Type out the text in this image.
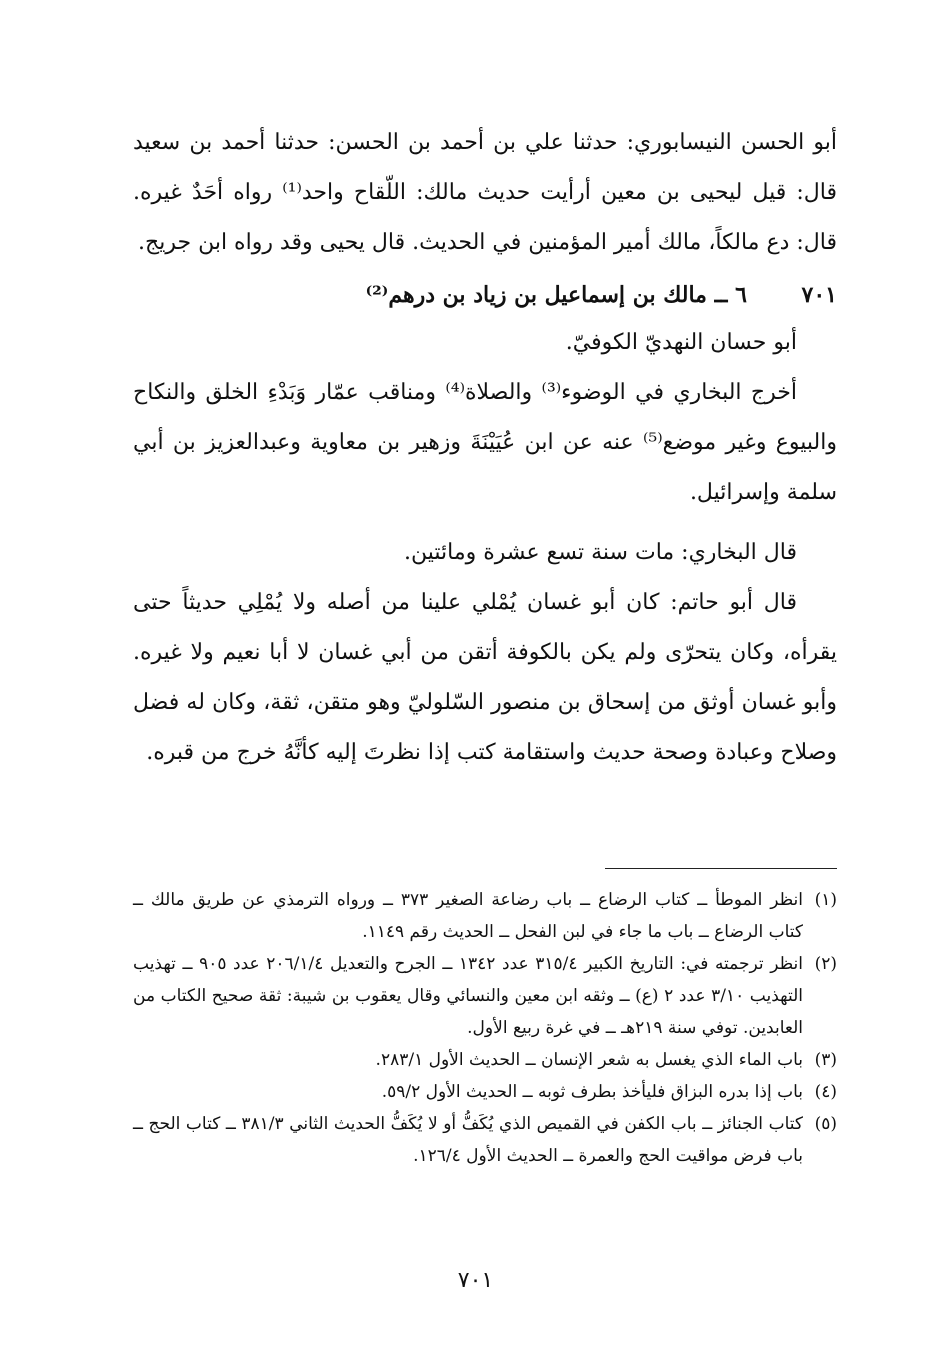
أبو الحسن النيسابوري: حدثنا علي بن أحمد بن الحسن: حدثنا أحمد بن سعيد قال: قيل ليحيى بن معين أرأيت حديث مالك: اللّقاح واحد⁽¹⁾ رواه أحَدٌ غيره. قال: دع مالكاً، مالك أمير المؤمنين في الحديث. قال يحيى وقد رواه ابن جريج.

٧٠١
٦ ــ مالك بن إسماعيل بن زياد بن درهم⁽²⁾

أبو حسان النهديّ الكوفيّ.

أخرج البخاري في الوضوء⁽³⁾ والصلاة⁽⁴⁾ ومناقب عمّار وَبَدْءِ الخلق والنكاح والبيوع وغير موضع⁽⁵⁾ عنه عن ابن عُيَيْنَةَ وزهير بن معاوية وعبدالعزيز بن أبي سلمة وإسرائيل.

قال البخاري: مات سنة تسع عشرة ومائتين.

قال أبو حاتم: كان أبو غسان يُمْلي علينا من أصله ولا يُمْلِي حديثاً حتى يقرأه، وكان يتحرّى ولم يكن بالكوفة أتقن من أبي غسان لا أبا نعيم ولا غيره. وأبو غسان أوثق من إسحاق بن منصور السّلوليّ وهو متقن، ثقة، وكان له فضل وصلاح وعبادة وصحة حديث واستقامة كتب إذا نظرتَ إليه كأنَّهُ خرج من قبره.

(١)
انظر الموطأ ــ كتاب الرضاع ــ باب رضاعة الصغير ٣٧٣ ــ ورواه الترمذي عن طريق مالك ــ كتاب الرضاع ــ باب ما جاء في لبن الفحل ــ الحديث رقم ١١٤٩.
(٢)
انظر ترجمته في: التاريخ الكبير ٣١٥/٤ عدد ١٣٤٢ ــ الجرح والتعديل ٢٠٦/١/٤ عدد ٩٠٥ ــ تهذيب التهذيب ٣/١٠ عدد ٢ (ع) ــ وثقه ابن معين والنسائي وقال يعقوب بن شيبة: ثقة صحيح الكتاب من العابدين. توفي سنة ٢١٩هـ ــ في غرة ربيع الأول.
(٣)
باب الماء الذي يغسل به شعر الإنسان ــ الحديث الأول ٢٨٣/١.
(٤)
باب إذا بدره البزاق فليأخذ بطرف ثوبه ــ الحديث الأول ٥٩/٢.
(٥)
كتاب الجنائز ــ باب الكفن في القميص الذي يُكَفُّ أو لا يُكَفُّ الحديث الثاني ٣٨١/٣ ــ كتاب الحج ــ باب فرض مواقيت الحج والعمرة ــ الحديث الأول ١٢٦/٤.
٧٠١
